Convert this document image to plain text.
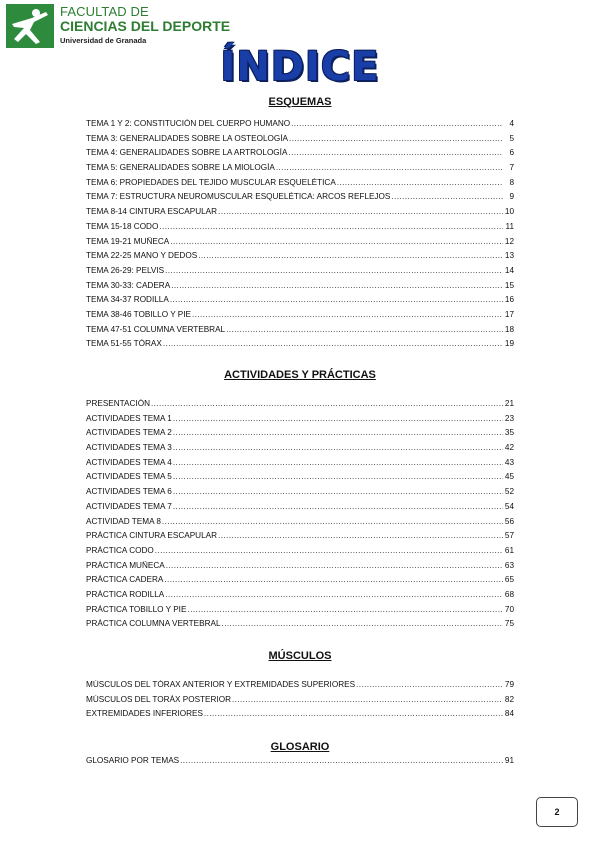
FACULTAD DE
CIENCIAS DEL DEPORTE
Universidad de Granada
ÍNDICE
ESQUEMAS
TEMA 1 Y 2: CONSTITUCIÓN DEL CUERPO HUMANO .....	4
TEMA 3: GENERALIDADES SOBRE LA OSTEOLOGÍA .....	5
TEMA 4: GENERALIDADES SOBRE LA ARTROLOGÍA .....	6
TEMA 5: GENERALIDADES SOBRE LA MIOLOGÍA .....	7
TEMA 6: PROPIEDADES DEL TEJIDO MUSCULAR ESQUELÉTICA .....	8
TEMA 7: ESTRUCTURA NEUROMUSCULAR ESQUELÉTICA: ARCOS REFLEJOS .....	9
TEMA 8-14 CINTURA ESCAPULAR .....	10
TEMA 15-18 CODO .....	11
TEMA 19-21 MUÑECA .....	12
TEMA 22-25 MANO Y DEDOS .....	13
TEMA 26-29: PELVIS .....	14
TEMA 30-33: CADERA .....	15
TEMA 34-37 RODILLA .....	16
TEMA 38-46 TOBILLO Y PIE .....	17
TEMA 47-51 COLUMNA VERTEBRAL .....	18
TEMA 51-55 TÓRAX .....	19
ACTIVIDADES Y PRÁCTICAS
PRESENTACIÓN .....	21
ACTIVIDADES TEMA 1 .....	23
ACTIVIDADES TEMA 2 .....	35
ACTIVIDADES TEMA 3 .....	42
ACTIVIDADES TEMA 4 .....	43
ACTIVIDADES TEMA 5 .....	45
ACTIVIDADES TEMA 6 .....	52
ACTIVIDADES TEMA 7 .....	54
ACTIVIDAD TEMA 8 .....	56
PRÁCTICA CINTURA ESCAPULAR .....	57
PRÁCTICA CODO .....	61
PRÁCTICA MUÑECA .....	63
PRÁCTICA CADERA .....	65
PRÁCTICA RODILLA .....	68
PRÁCTICA TOBILLO Y PIE .....	70
PRÁCTICA COLUMNA VERTEBRAL .....	75
MÚSCULOS
MÚSCULOS DEL TÓRAX ANTERIOR Y EXTREMIDADES SUPERIORES .....	79
MÚSCULOS DEL TORÁX POSTERIOR .....	82
EXTREMIDADES INFERIORES .....	84
GLOSARIO
GLOSARIO POR TEMAS .....	91
2
